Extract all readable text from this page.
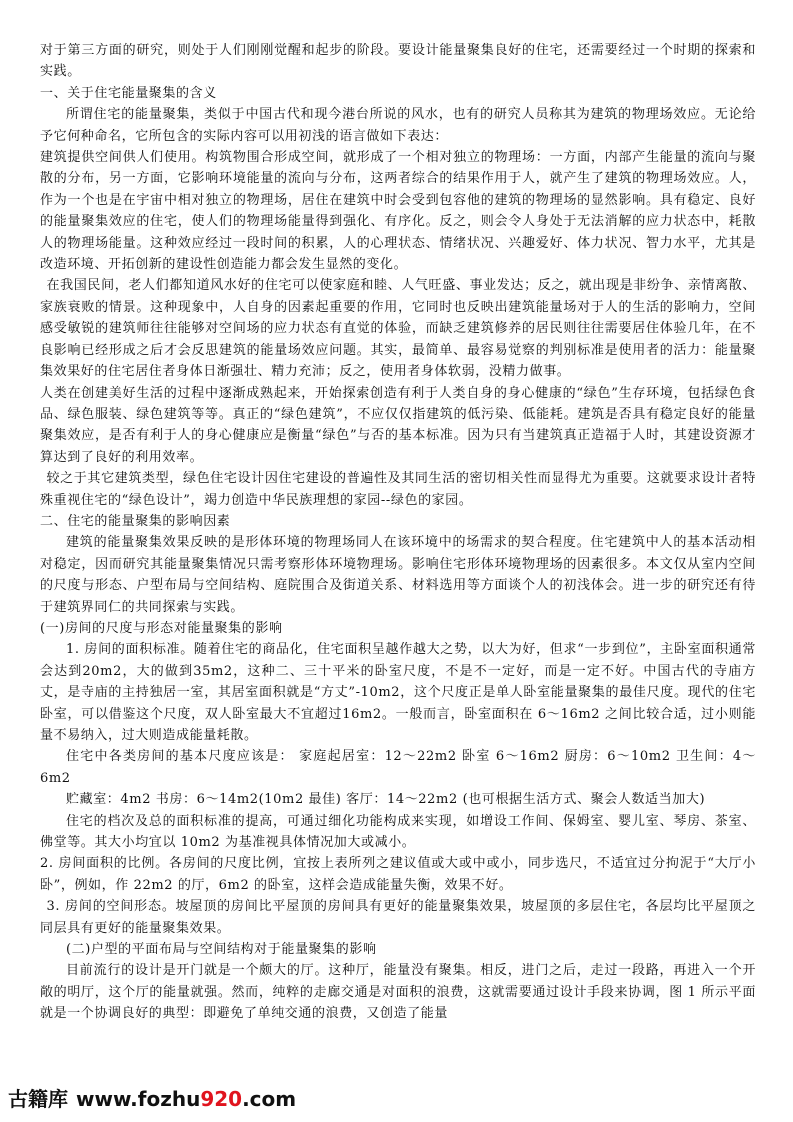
对于第三方面的研究，则处于人们刚刚觉醒和起步的阶段。要设计能量聚集良好的住宅，还需要经过一个时期的探索和实践。

一、关于住宅能量聚集的含义

所谓住宅的能量聚集，类似于中国古代和现今港台所说的风水，也有的研究人员称其为建筑的物理场效应。无论给予它何种命名，它所包含的实际内容可以用初浅的语言做如下表达：

建筑提供空间供人们使用。构筑物围合形成空间，就形成了一个相对独立的物理场：一方面，内部产生能量的流向与聚散的分布，另一方面，它影响环境能量的流向与分布，这两者综合的结果作用于人，就产生了建筑的物理场效应。人，作为一个也是在宇宙中相对独立的物理场，居住在建筑中时会受到包容他的建筑的物理场的显然影响。具有稳定、良好的能量聚集效应的住宅，使人们的物理场能量得到强化、有序化。反之，则会令人身处于无法消解的应力状态中，耗散人的物理场能量。这种效应经过一段时间的积累，人的心理状态、情绪状况、兴趣爱好、体力状况、智力水平，尤其是改造环境、开拓创新的建设性创造能力都会发生显然的变化。

在我国民间，老人们都知道风水好的住宅可以使家庭和睦、人气旺盛、事业发达；反之，就出现是非纷争、亲情离散、家族衰败的情景。这种现象中，人自身的因素起重要的作用，它同时也反映出建筑能量场对于人的生活的影响力，空间感受敏锐的建筑师往往能够对空间场的应力状态有直觉的体验，而缺乏建筑修养的居民则往往需要居住体验几年，在不良影响已经形成之后才会反思建筑的能量场效应问题。其实，最简单、最容易觉察的判别标准是使用者的活力：能量聚集效果好的住宅居住者身体日渐强壮、精力充沛；反之，使用者身体软弱，没精力做事。

人类在创建美好生活的过程中逐渐成熟起来，开始探索创造有利于人类自身的身心健康的“绿色”生存环境，包括绿色食品、绿色服装、绿色建筑等等。真正的“绿色建筑”，不应仅仅指建筑的低污染、低能耗。建筑是否具有稳定良好的能量聚集效应，是否有利于人的身心健康应是衡量“绿色”与否的基本标准。因为只有当建筑真正造福于人时，其建设资源才算达到了良好的利用效率。

较之于其它建筑类型，绿色住宅设计因住宅建设的普遍性及其同生活的密切相关性而显得尤为重要。这就要求设计者特殊重视住宅的“绿色设计”，竭力创造中华民族理想的家园--绿色的家园。

二、住宅的能量聚集的影响因素

建筑的能量聚集效果反映的是形体环境的物理场同人在该环境中的场需求的契合程度。住宅建筑中人的基本活动相对稳定，因而研究其能量聚集情况只需考察形体环境物理场。影响住宅形体环境物理场的因素很多。本文仅从室内空间的尺度与形态、户型布局与空间结构、庭院围合及街道关系、材料选用等方面谈个人的初浅体会。进一步的研究还有待于建筑界同仁的共同探索与实践。

(一)房间的尺度与形态对能量聚集的影响

1. 房间的面积标准。随着住宅的商品化，住宅面积呈越作越大之势，以大为好，但求“一步到位”，主卧室面积通常会达到20m2，大的做到35m2，这种二、三十平米的卧室尺度，不是不一定好，而是一定不好。中国古代的寺庙方丈，是寺庙的主持独居一室，其居室面积就是“方丈”-10m2，这个尺度正是单人卧室能量聚集的最佳尺度。现代的住宅卧室，可以借鉴这个尺度，双人卧室最大不宜超过16m2。一般而言，卧室面积在 6～16m2 之间比较合适，过小则能量不易纳入，过大则造成能量耗散。

住宅中各类房间的基本尺度应该是： 家庭起居室：12～22m2 卧室 6～16m2 厨房：6～10m2 卫生间：4～6m2

贮藏室：4m2 书房：6～14m2(10m2 最佳) 客厅：14～22m2 (也可根据生活方式、聚会人数适当加大)

住宅的档次及总的面积标准的提高，可通过细化功能构成来实现，如增设工作间、保姆室、婴儿室、琴房、茶室、佛堂等。其大小均宜以 10m2 为基准视具体情况加大或减小。

2. 房间面积的比例。各房间的尺度比例，宜按上表所列之建议值或大或中或小，同步选尺，不适宜过分拘泥于“大厅小卧”，例如，作 22m2 的厅，6m2 的卧室，这样会造成能量失衡，效果不好。

3. 房间的空间形态。坡屋顶的房间比平屋顶的房间具有更好的能量聚集效果，坡屋顶的多层住宅，各层均比平屋顶之同层具有更好的能量聚集效果。

(二)户型的平面布局与空间结构对于能量聚集的影响

目前流行的设计是开门就是一个颇大的厅。这种厅，能量没有聚集。相反，进门之后，走过一段路，再进入一个开敞的明厅，这个厅的能量就强。然而，纯粹的走廊交通是对面积的浪费，这就需要通过设计手段来协调，图 1 所示平面就是一个协调良好的典型：即避免了单纯交通的浪费，又创造了能量

古籍库 www.fozhu920.com
